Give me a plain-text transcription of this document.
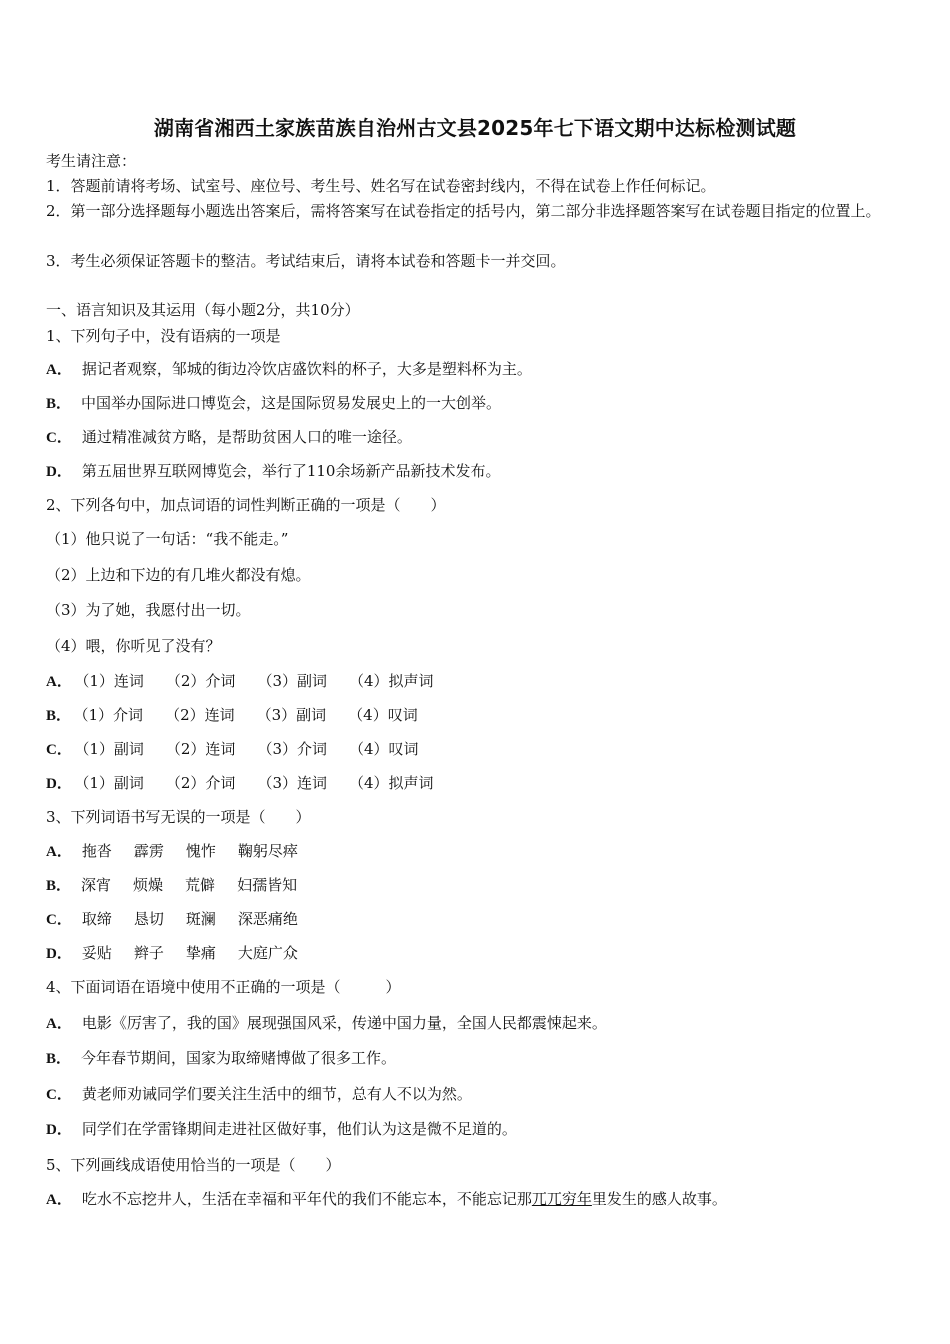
湖南省湘西土家族苗族自治州古文县2025年七下语文期中达标检测试题
考生请注意：
1．答题前请将考场、试室号、座位号、考生号、姓名写在试卷密封线内，不得在试卷上作任何标记。
2．第一部分选择题每小题选出答案后，需将答案写在试卷指定的括号内，第二部分非选择题答案写在试卷题目指定的位置上。
3．考生必须保证答题卡的整洁。考试结束后，请将本试卷和答题卡一并交回。
一、语言知识及其运用（每小题2分，共10分）
1、下列句子中，没有语病的一项是
A． 据记者观察，邹城的街边冷饮店盛饮料的杯子，大多是塑料杯为主。
B． 中国举办国际进口博览会，这是国际贸易发展史上的一大创举。
C． 通过精准减贫方略，是帮助贫困人口的唯一途径。
D． 第五届世界互联网博览会，举行了110余场新产品新技术发布。
2、下列各句中，加点词语的词性判断正确的一项是（　　）
（1）他只说了一句话：“我不能走。”
（2）上边和下边的有几堆火都没有熄。
（3）为了她，我愿付出一切。
（4）喂，你听见了没有？
A． （1）连词 （2）介词 （3）副词 （4）拟声词
B． （1）介词 （2）连词 （3）副词 （4）叹词
C． （1）副词 （2）连词 （3）介词 （4）叹词
D． （1）副词 （2）介词 （3）连词 （4）拟声词
3、下列词语书写无误的一项是（　　）
A． 拖沓 霹雳 愧怍 鞠躬尽瘁
B． 深宵 烦燥 荒僻 妇孺皆知
C． 取缔 恳切 斑澜 深恶痛绝
D． 妥贴 辫子 挚痛 大庭广众
4、下面词语在语境中使用不正确的一项是（　　　）
A． 电影《厉害了，我的国》展现强国风采，传递中国力量，全国人民都震悚起来。
B． 今年春节期间，国家为取缔赌博做了很多工作。
C． 黄老师劝诫同学们要关注生活中的细节，总有人不以为然。
D． 同学们在学雷锋期间走进社区做好事，他们认为这是微不足道的。
5、下列画线成语使用恰当的一项是（　　）
A． 吃水不忘挖井人，生活在幸福和平年代的我们不能忘本，不能忘记那兀兀穷年里发生的感人故事。
